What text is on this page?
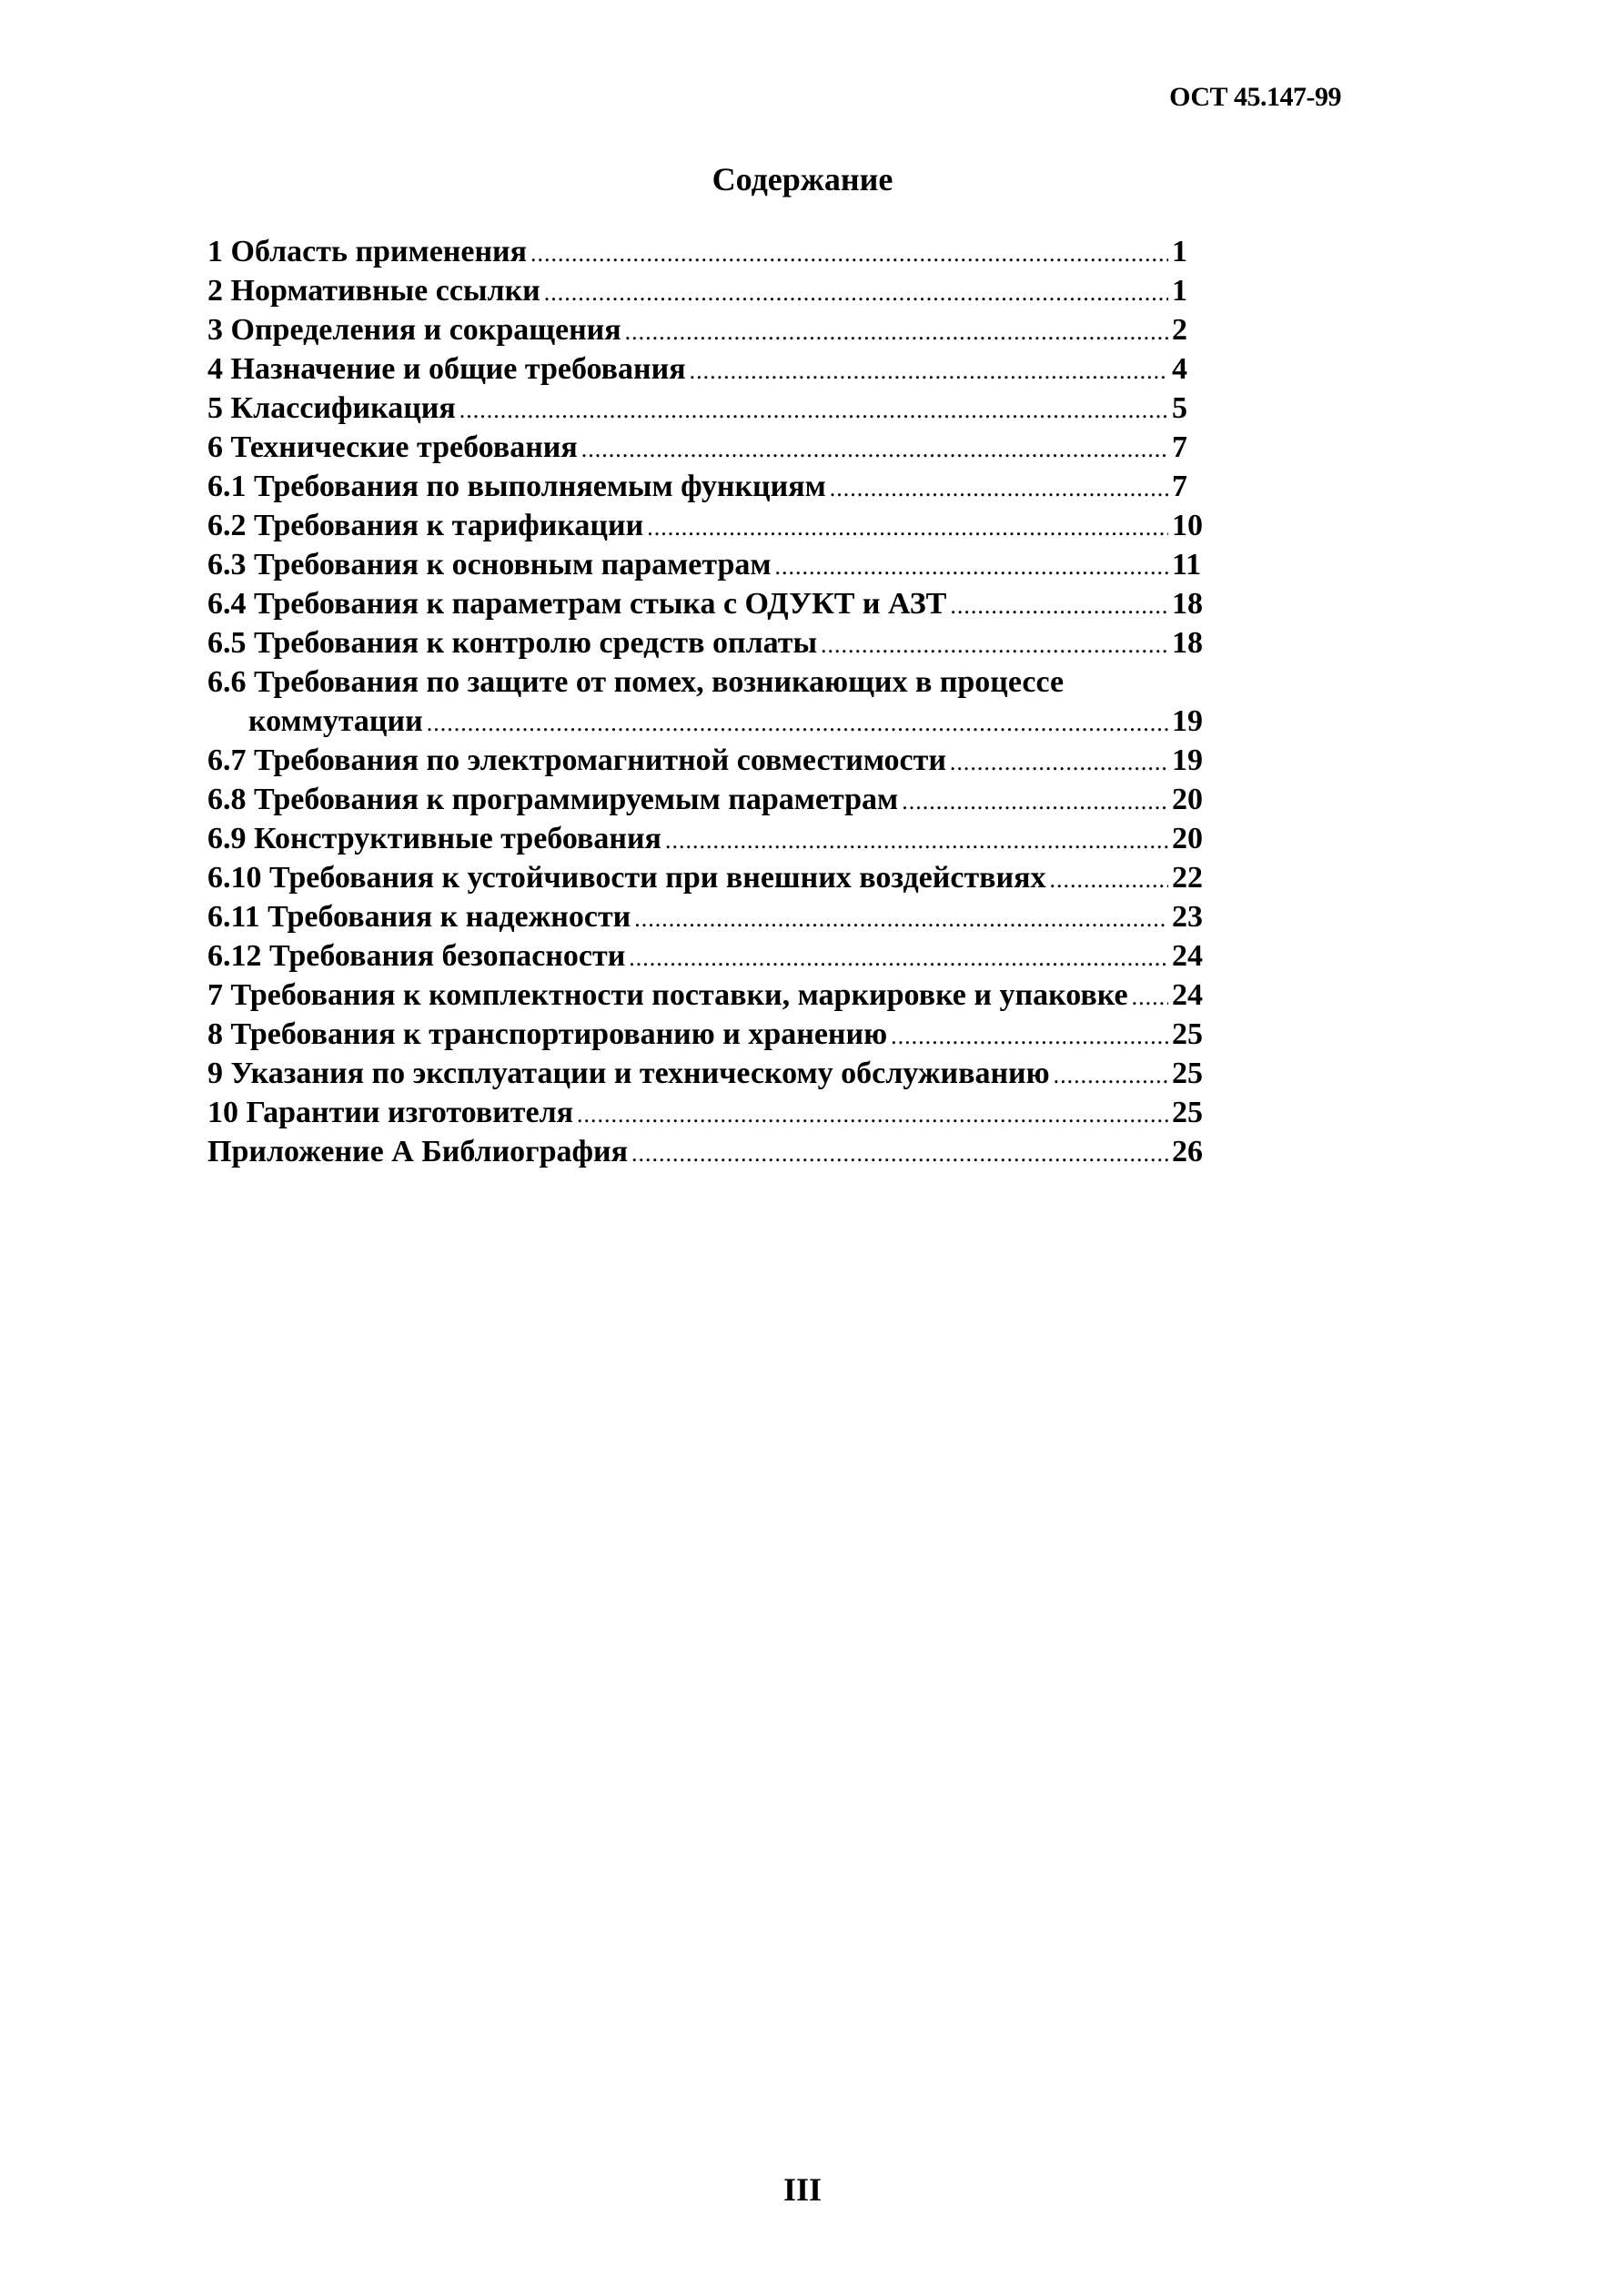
ОСТ 45.147-99
Содержание
1 Область применения .....	1
2 Нормативные ссылки .....	1
3 Определения и сокращения .....	2
4 Назначение и общие требования .....	4
5 Классификация .....	5
6 Технические требования .....	7
6.1 Требования по выполняемым функциям .....	7
6.2 Требования к тарификации .....	10
6.3 Требования к основным параметрам .....	11
6.4 Требования к параметрам стыка с ОДУКТ и АЗТ .....	18
6.5 Требования к контролю средств оплаты .....	18
6.6 Требования по защите от помех, возникающих в процессе
коммутации .....	19
6.7 Требования по электромагнитной совместимости .....	19
6.8 Требования к программируемым параметрам .....	20
6.9 Конструктивные требования .....	20
6.10 Требования к устойчивости при внешних воздействиях .....	22
6.11 Требования к надежности .....	23
6.12 Требования безопасности .....	24
7 Требования к комплектности поставки, маркировке и упаковке ..... 24
8 Требования к транспортированию и хранению .....	25
9 Указания по эксплуатации и техническому обслуживанию .....	25
10 Гарантии изготовителя .....	25
Приложение А Библиография .....	26
III
